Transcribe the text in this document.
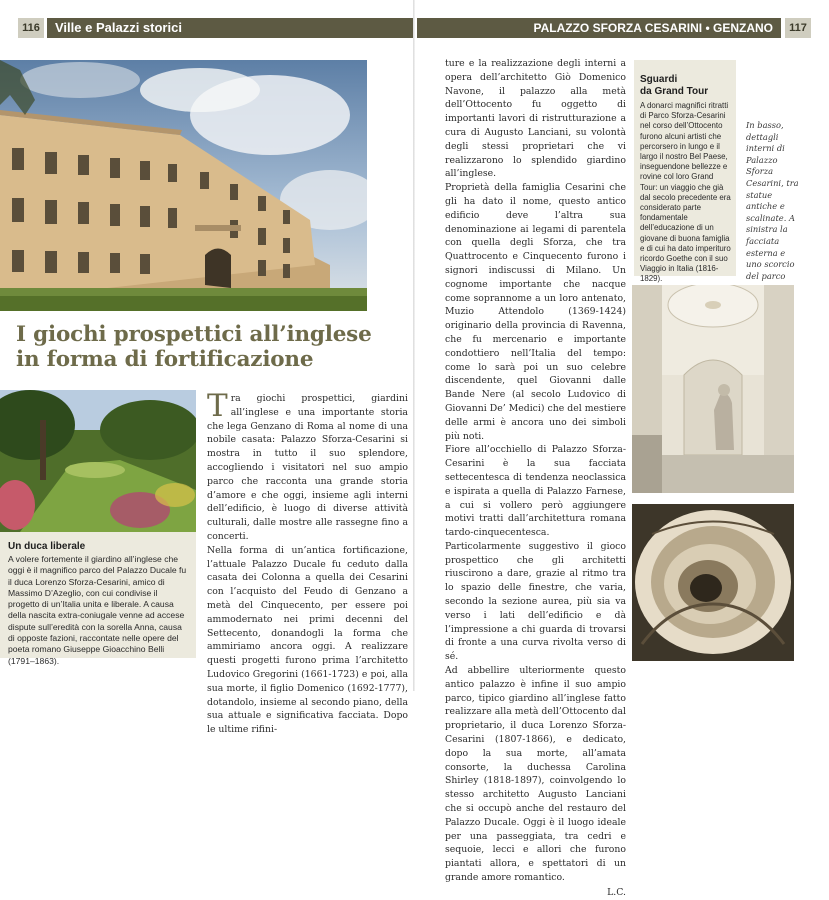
116	Ville e Palazzi storici
I giochi prospettici all’inglese
in forma di fortificazione
Un duca liberale
A volere fortemente il giardino all’inglese che oggi è il magnifico parco del Palazzo Ducale fu il duca Lorenzo Sforza-Cesarini, amico di Massimo D’Azeglio, con cui condivise il progetto di un’Italia unita e liberale. A causa della nascita extra-coniugale venne ad accese dispute sull’eredità con la sorella Anna, causa di opposte fazioni, raccontate nelle opere del poeta romano Giuseppe Gioacchino Belli (1791–1863).
Tra giochi prospettici, giardini all’inglese e una importante storia che lega Genzano di Roma al nome di una nobile casata: Palazzo Sforza-Cesarini si mostra in tutto il suo splendore, accogliendo i visitatori nel suo ampio parco che racconta una grande storia d’amore e che oggi, insieme agli interni dell’edificio, è luogo di diverse attività culturali, dalle mostre alle rassegne fino a concerti.

Nella forma di un’antica fortificazione, l’attuale Palazzo Ducale fu ceduto dalla casata dei Colonna a quella dei Cesarini con l’acquisto del Feudo di Genzano a metà del Cinquecento, per essere poi ammodernato nei primi decenni del Settecento, donandogli la forma che ammiriamo ancora oggi. A realizzare questi progetti furono prima l’architetto Ludovico Gregorini (1661-1723) e poi, alla sua morte, il figlio Domenico (1692-1777), dotandolo, insieme al secondo piano, della sua attuale e significativa facciata. Dopo le ultime rifini-

PALAZZO SFORZA CESARINI • GENZANO	117

ture e la realizzazione degli interni a opera dell’architetto Giò Domenico Navone, il palazzo alla metà dell’Ottocento fu oggetto di importanti lavori di ristrutturazione a cura di Augusto Lanciani, su volontà degli stessi proprietari che vi realizzarono lo splendido giardino all’inglese.

Proprietà della famiglia Cesarini che gli ha dato il nome, questo antico edificio deve l’altra sua denominazione ai legami di parentela con quella degli Sforza, che tra Quattrocento e Cinquecento furono i signori indiscussi di Milano. Un cognome importante che nacque come soprannome a un loro antenato, Muzio Attendolo (1369-1424) originario della provincia di Ravenna, che fu mercenario e importante condottiero nell’Italia del tempo: come lo sarà poi un suo celebre discendente, quel Giovanni dalle Bande Nere (al secolo Ludovico di Giovanni De’ Medici) che del mestiere delle armi è ancora uno dei simboli più noti.

Fiore all’occhiello di Palazzo Sforza-Cesarini è la sua facciata settecentesca di tendenza neoclassica e ispirata a quella di Palazzo Farnese, a cui si vollero però aggiungere motivi tratti dall’architettura romana tardo-cinquecentesca. Particolarmente suggestivo il gioco prospettico che gli architetti riuscirono a dare, grazie al ritmo tra lo spazio delle finestre, che varia, secondo la sezione aurea, più sia va verso i lati dell’edificio e dà l’impressione a chi guarda di trovarsi di fronte a una curva rivolta verso di sé.

Ad abbellire ulteriormente questo antico palazzo è infine il suo ampio parco, tipico giardino all’inglese fatto realizzare alla metà dell’Ottocento dal proprietario, il duca Lorenzo Sforza-Cesarini (1807-1866), e dedicato, dopo la sua morte, all’amata consorte, la duchessa Carolina Shirley (1818-1897), coinvolgendo lo stesso architetto Augusto Lanciani che si occupò anche del restauro del Palazzo Ducale. Oggi è il luogo ideale per una passeggiata, tra cedri e sequoie, lecci e allori che furono piantati allora, e spettatori di un grande amore romantico.

L.C.
Sguardi
da Grand Tour
A donarci magnifici ritratti di Parco Sforza-Cesarini nel corso dell’Ottocento furono alcuni artisti che percorsero in lungo e il largo il nostro Bel Paese, inseguendone bellezze e rovine col loro Grand Tour: un viaggio che già dal secolo precedente era considerato parte fondamentale dell’educazione di un giovane di buona famiglia e di cui ha dato imperituro ricordo Goethe con il suo Viaggio in Italia (1816-1829).
In basso, dettagli interni di Palazzo Sforza Cesarini, tra statue antiche e scalinate. A sinistra la facciata esterna e uno scorcio del parco
